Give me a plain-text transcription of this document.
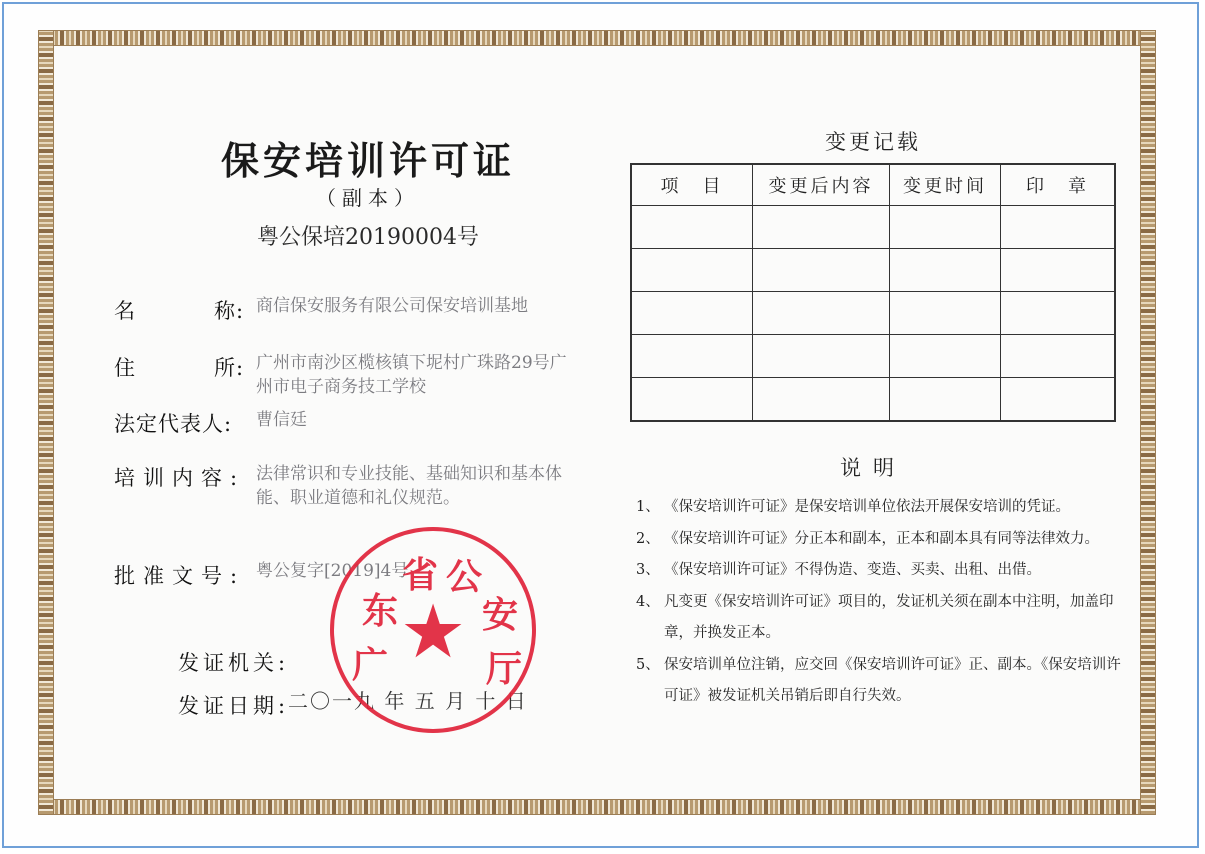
保安培训许可证
（副本）
粤公保培20190004号
名	称: 商信保安服务有限公司保安培训基地
住	所: 广州市南沙区榄核镇下坭村广珠路29号广州市电子商务技工学校
法定代表人: 曹信廷
培训内容: 法律常识和专业技能、基础知识和基本体能、职业道德和礼仪规范。
批准文号: 粤公复字[2019]4号
发证机关:
发证日期:
二〇一九 年 五 月 十 日
广
东
省 公
安
厅
★
变更记载
项　目	变更后内容	变更时间	印　章

说明
1、 《保安培训许可证》是保安培训单位依法开展保安培训的凭证。
2、 《保安培训许可证》分正本和副本，正本和副本具有同等法律效力。
3、 《保安培训许可证》不得伪造、变造、买卖、出租、出借。
4、 凡变更《保安培训许可证》项目的，发证机关须在副本中注明，加盖印章，并换发正本。
5、 保安培训单位注销，应交回《保安培训许可证》正、副本。《保安培训许可证》被发证机关吊销后即自行失效。
